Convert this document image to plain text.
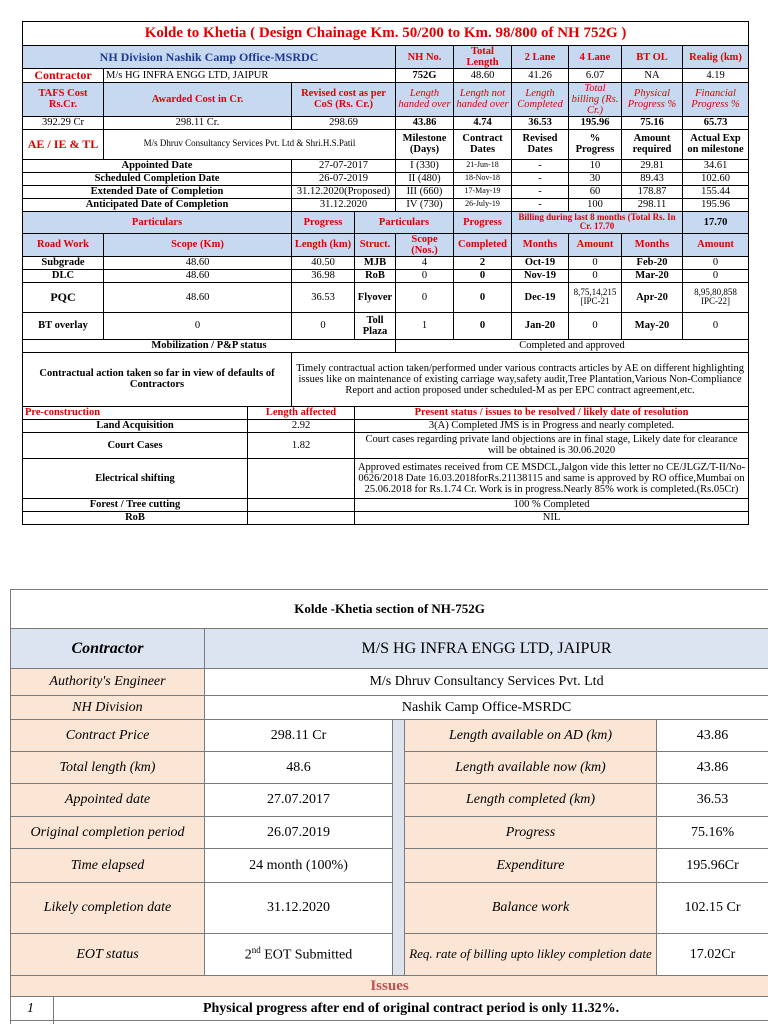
Kolde to Khetia ( Design Chainage Km. 50/200 to Km. 98/800 of NH 752G )										
NH Division Nashik Camp Office-MSRDC					NH No.	Total Length	2 Lane	4 Lane	BT OL	Realig (km)
Contractor	M/s HG INFRA ENGG LTD, JAIPUR				752G	48.60	41.26	6.07	NA	4.19
TAFS Cost Rs.Cr.	Awarded Cost in Cr.		Revised cost as per CoS (Rs. Cr.)		Length handed over	Length not handed over	Length Completed	Total billing (Rs. Cr.)	Physical Progress %	Financial Progress %
392.29 Cr	298.11 Cr.		298.69		43.86	4.74	36.53	195.96	75.16	65.73
AE / IE & TL	M/s Dhruv Consultancy Services Pvt. Ltd & Shri.H.S.Patil				Milestone (Days)	Contract Dates	Revised Dates	% Progress	Amount required	Actual Exp on milestone
Appointed Date			27-07-2017		I (330)	21-Jun-18	-	10	29.81	34.61
Scheduled Completion Date			26-07-2019		II (480)	18-Nov-18	-	30	89.43	102.60
Extended Date of Completion			31.12.2020(Proposed)		III (660)	17-May-19	-	60	178.87	155.44
Anticipated Date of Completion			31.12.2020		IV (730)	26-July-19	-	100	298.11	195.96
Particulars			Progress	Particulars		Progress	Billing during last 8 months (Total Rs. In Cr. 17.70			17.70
Road Work	Scope (Km)		Length (km)	Struct.	Scope (Nos.)	Completed	Months	Amount	Months	Amount
Subgrade	48.60		40.50	MJB	4	2	Oct-19	0	Feb-20	0
DLC	48.60		36.98	RoB	0	0	Nov-19	0	Mar-20	0
PQC	48.60		36.53	Flyover	0	0	Dec-19	8,75,14,215 [IPC-21	Apr-20	8,95,80,858 IPC-22]
BT overlay	0		0	Toll Plaza	1	0	Jan-20	0	May-20	0
Mobilization / P&P status					Completed and approved					
Contractual action taken so far in view of defaults of Contractors			Timely contractual action taken/performed under various contracts articles by AE on different highlighting issues like on maintenance of existing carriage way,safety audit,Tree Plantation,Various Non-Compliance Report and action proposed under scheduled-M as per EPC contract agreement,etc.							
Pre-construction		Length affected		Present status / issues to be resolved / likely date of resolution						
Land Acquisition		2.92		3(A) Completed JMS is in Progress and nearly completed.						
Court Cases		1.82		Court cases regarding private land objections are in final stage, Likely date for clearance will be obtained is 30.06.2020						
Electrical shifting				Approved estimates received from CE MSDCL,Jalgon vide this letter no CE/JLGZ/T-II/No-0626/2018 Date 16.03.2018forRs.21138115 and same is approved by RO office,Mumbai on 25.06.2018 for Rs.1.74 Cr. Work is in progress.Nearly 85% work is completed.(Rs.05Cr)						
Forest / Tree cutting				100 % Completed						
RoB				NIL						
Kolde -Khetia section of NH-752G					
Contractor		M/S HG INFRA ENGG LTD, JAIPUR			
Authority's Engineer		M/s Dhruv Consultancy Services Pvt. Ltd			
NH Division		Nashik Camp Office-MSRDC			
Contract Price		298.11 Cr		Length available on AD (km)	43.86
Total length (km)		48.6		Length available now (km)	43.86
Appointed date		27.07.2017		Length completed (km)	36.53
Original completion period		26.07.2019		Progress	75.16%
Time elapsed		24 month (100%)		Expenditure	195.96Cr
Likely completion date		31.12.2020		Balance work	102.15 Cr
EOT status		2nd EOT Submitted		Req. rate of billing upto likley completion date	17.02Cr
Issues					
1	Physical progress after end of original contract period is only 11.32%.				
